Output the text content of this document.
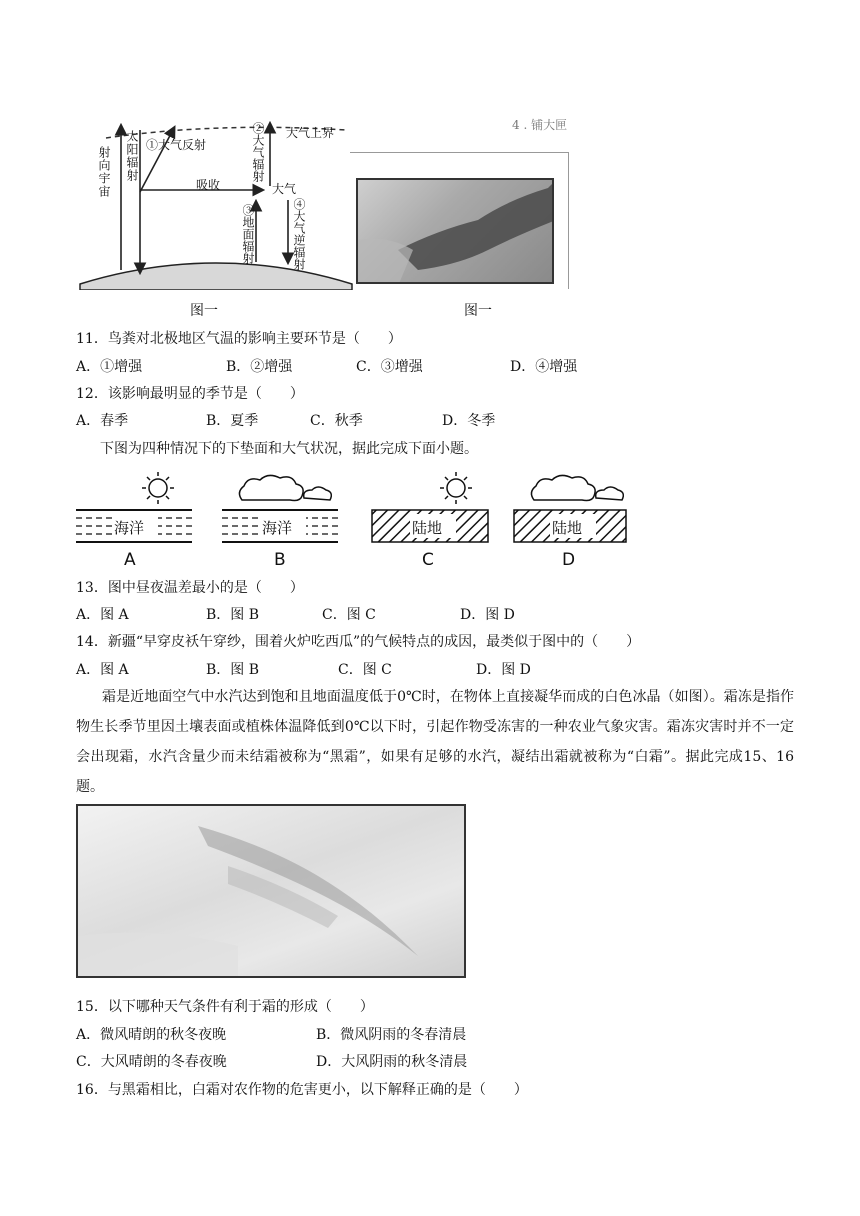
射向宇宙 太阳辐射 ①大气反射	②大气辐射 大气上界
吸收	大气
③地面辐射	④大气逆辐射
4 . 铺大匣
图一	图一
11．鸟粪对北极地区气温的影响主要环节是（　　）
A．①增强	B．②增强	C．③增强	D．④增强
12．该影响最明显的季节是（　　）
A．春季	B．夏季	C．秋季	D．冬季
下图为四种情况下的下垫面和大气状况，据此完成下面小题。
海洋	海洋	陆地	陆地
A	B	C	D
13．图中昼夜温差最小的是（　　）
A．图 A	B．图 B	C．图 C	D．图 D
14．新疆“早穿皮袄午穿纱，围着火炉吃西瓜”的气候特点的成因，最类似于图中的（　　）
A．图 A	B．图 B	C．图 C	D．图 D
霜是近地面空气中水汽达到饱和且地面温度低于0℃时，在物体上直接凝华而成的白色冰晶（如图）。霜冻是指作物生长季节里因土壤表面或植株体温降低到0℃以下时，引起作物受冻害的一种农业气象灾害。霜冻灾害时并不一定会出现霜，水汽含量少而未结霜被称为“黑霜”，如果有足够的水汽，凝结出霜就被称为“白霜”。据此完成15、16题。
15．以下哪种天气条件有利于霜的形成（　　）
A．微风晴朗的秋冬夜晚	B．微风阴雨的冬春清晨
C．大风晴朗的冬春夜晚	D．大风阴雨的秋冬清晨
16．与黑霜相比，白霜对农作物的危害更小，以下解释正确的是（　　）
